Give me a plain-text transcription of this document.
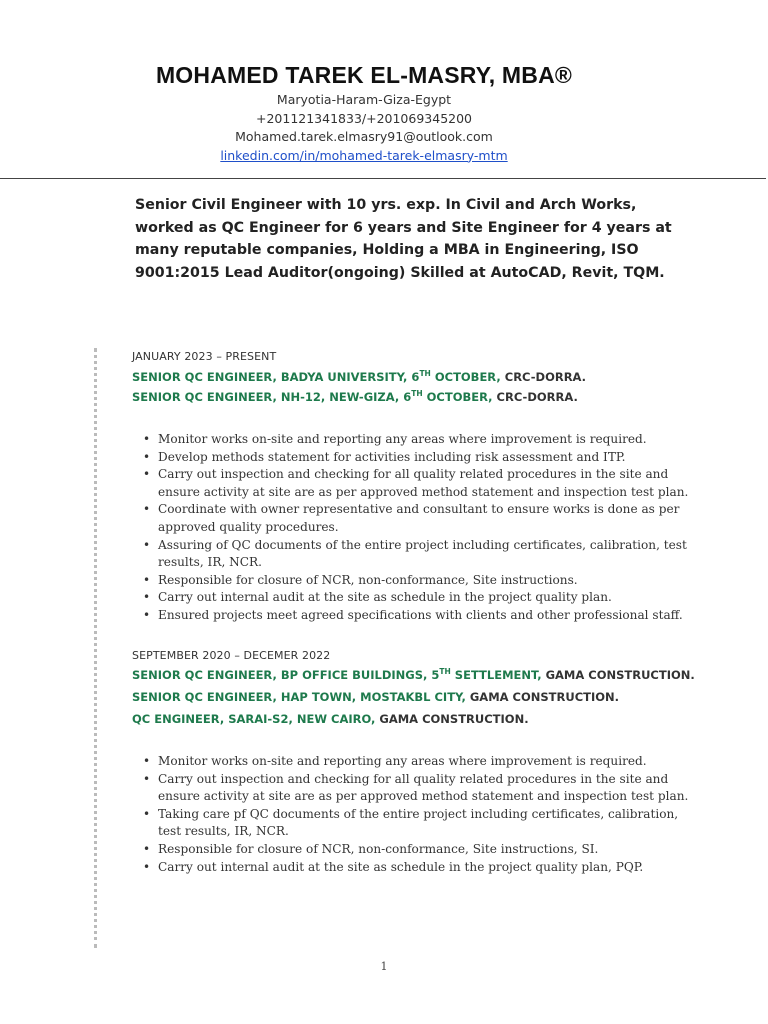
MOHAMED TAREK EL-MASRY, MBA®
Maryotia-Haram-Giza-Egypt
+201121341833/+201069345200
Mohamed.tarek.elmasry91@outlook.com
linkedin.com/in/mohamed-tarek-elmasry-mtm
Senior Civil Engineer with 10 yrs. exp. In Civil and Arch Works, worked as QC Engineer for 6 years and Site Engineer for 4 years at many reputable companies, Holding a MBA in Engineering, ISO 9001:2015 Lead Auditor(ongoing) Skilled at AutoCAD, Revit, TQM.
JANUARY 2023 – PRESENT
SENIOR QC ENGINEER, BADYA UNIVERSITY, 6TH OCTOBER, CRC-DORRA.
SENIOR QC ENGINEER, NH-12, NEW-GIZA, 6TH OCTOBER, CRC-DORRA.
• Monitor works on-site and reporting any areas where improvement is required.
• Develop methods statement for activities including risk assessment and ITP.
• Carry out inspection and checking for all quality related procedures in the site and ensure activity at site are as per approved method statement and inspection test plan.
• Coordinate with owner representative and consultant to ensure works is done as per approved quality procedures.
• Assuring of QC documents of the entire project including certificates, calibration, test results, IR, NCR.
• Responsible for closure of NCR, non-conformance, Site instructions.
• Carry out internal audit at the site as schedule in the project quality plan.
• Ensured projects meet agreed specifications with clients and other professional staff.
SEPTEMBER 2020 – DECEMER 2022
SENIOR QC ENGINEER, BP OFFICE BUILDINGS, 5TH SETTLEMENT, GAMA CONSTRUCTION.
SENIOR QC ENGINEER, HAP TOWN, MOSTAKBL CITY, GAMA CONSTRUCTION.
QC ENGINEER, SARAI-S2, NEW CAIRO, GAMA CONSTRUCTION.
• Monitor works on-site and reporting any areas where improvement is required.
• Carry out inspection and checking for all quality related procedures in the site and ensure activity at site are as per approved method statement and inspection test plan.
• Taking care pf QC documents of the entire project including certificates, calibration, test results, IR, NCR.
• Responsible for closure of NCR, non-conformance, Site instructions, SI.
• Carry out internal audit at the site as schedule in the project quality plan, PQP.
1
